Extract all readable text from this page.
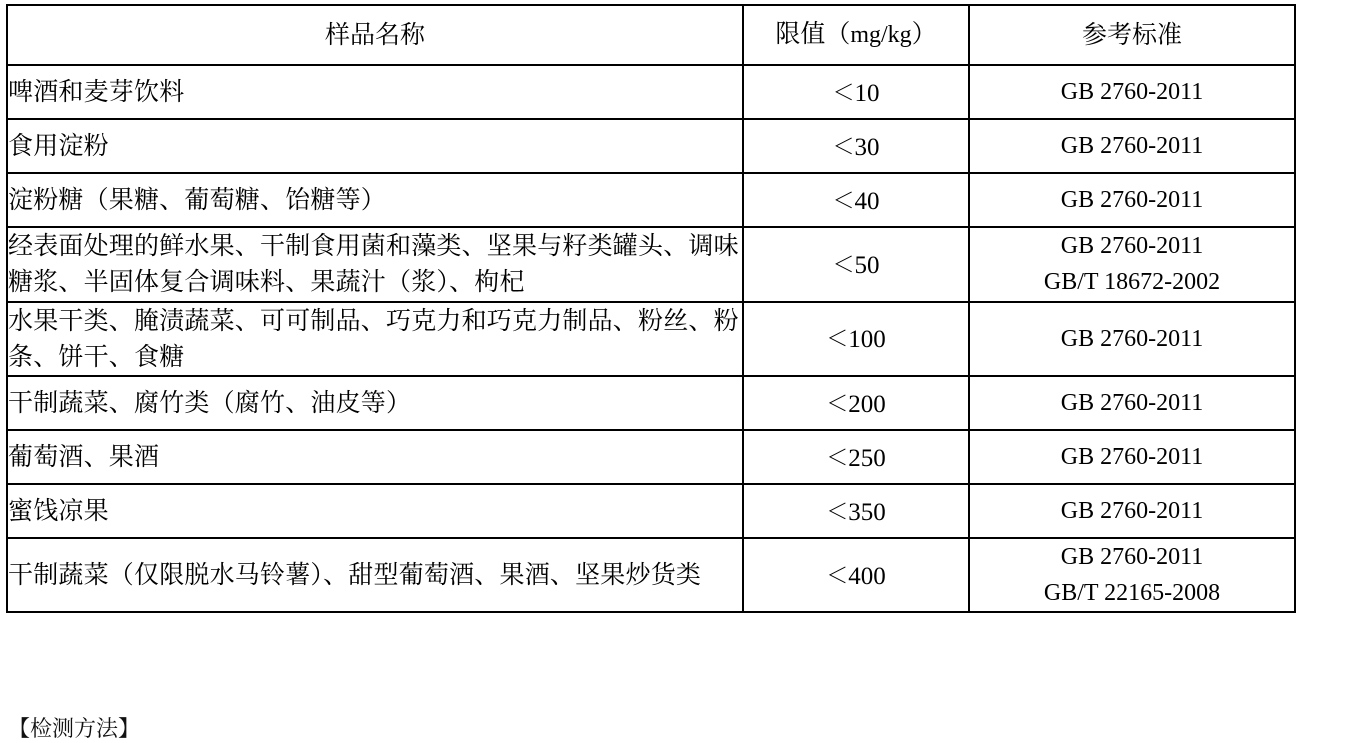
样品名称	限值（mg/kg）	参考标准
啤酒和麦芽饮料	＜10	GB 2760-2011

食用淀粉	＜30	GB 2760-2011

淀粉糖（果糖、葡萄糖、饴糖等）	＜40	GB 2760-2011

经表面处理的鲜水果、干制食用菌和藻类、坚果与籽类罐头、调味糖浆、半固体复合调味料、果蔬汁（浆）、枸杞	＜50	GB 2760-2011
GB/T 18672-2002

水果干类、腌渍蔬菜、可可制品、巧克力和巧克力制品、粉丝、粉条、饼干、食糖	＜100	GB 2760-2011

干制蔬菜、腐竹类（腐竹、油皮等）	＜200	GB 2760-2011

葡萄酒、果酒	＜250	GB 2760-2011

蜜饯凉果	＜350	GB 2760-2011

干制蔬菜（仅限脱水马铃薯）、甜型葡萄酒、果酒、坚果炒货类	＜400	GB 2760-2011
GB/T 22165-2008
【检测方法】
